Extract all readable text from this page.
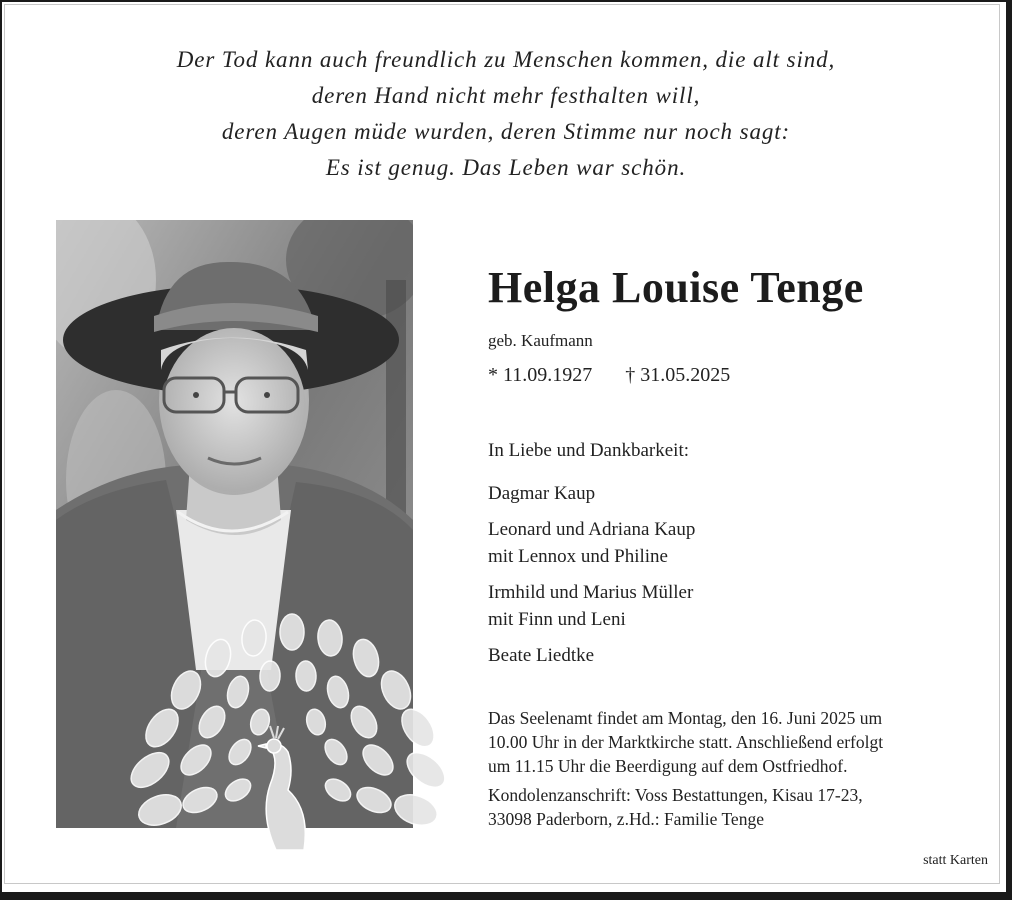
Der Tod kann auch freundlich zu Menschen kommen, die alt sind,
deren Hand nicht mehr festhalten will,
deren Augen müde wurden, deren Stimme nur noch sagt:
Es ist genug. Das Leben war schön.
Helga Louise Tenge
geb. Kaufmann
* 11.09.1927 † 31.05.2025
In Liebe und Dankbarkeit:
Dagmar Kaup
Leonard und Adriana Kaup
mit Lennox und Philine
Irmhild und Marius Müller
mit Finn und Leni
Beate Liedtke
Das Seelenamt findet am Montag, den 16. Juni 2025 um
10.00 Uhr in der Marktkirche statt. Anschließend erfolgt
um 11.15 Uhr die Beerdigung auf dem Ostfriedhof.
Kondolenzanschrift: Voss Bestattungen, Kisau 17-23,
33098 Paderborn, z.Hd.: Familie Tenge
statt Karten
